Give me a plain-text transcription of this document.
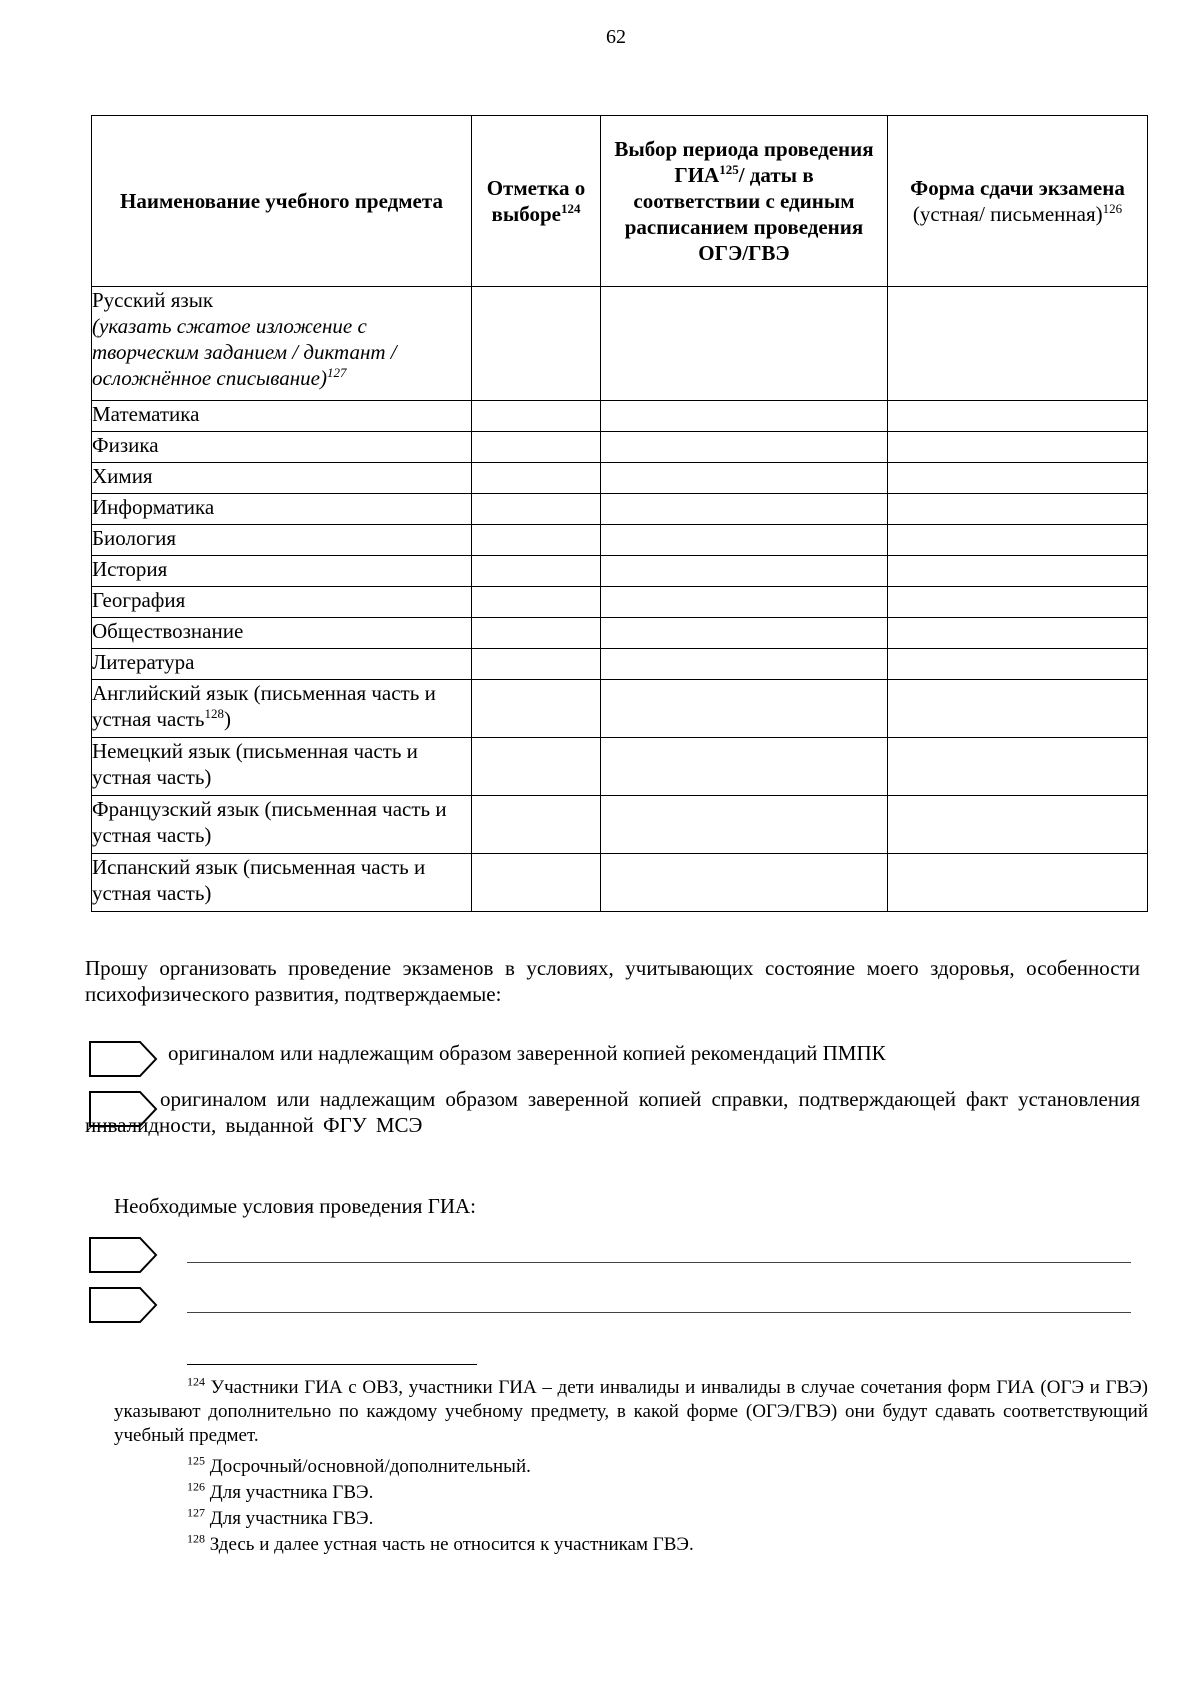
62
Наименование учебного предмета	Отметка о выборе$^{124}$	Выбор периода проведения ГИА$^{125}$/ даты в соответствии с единым расписанием проведения ОГЭ/ГВЭ	Форма сдачи экзамена (устная/ письменная)$^{126}$
Русский язык
(указать сжатое изложение с творческим заданием / диктант / осложнённое списывание)$^{127}$			
Математика			
Физика			
Химия			
Информатика			
Биология			
История			
География			
Обществознание			
Литература			
Английский язык (письменная часть и устная часть$^{128}$)			
Немецкий язык (письменная часть и устная часть)			
Французский язык (письменная часть и устная часть)			
Испанский язык (письменная часть и устная часть)			
Прошу организовать проведение экзаменов в условиях, учитывающих состояние моего здоровья, особенности психофизического развития, подтверждаемые:
оригиналом или надлежащим образом заверенной копией рекомендаций ПМПК
оригиналом или надлежащим образом заверенной копией справки, подтверждающей факт установления инвалидности, выданной ФГУ МСЭ
Необходимые условия проведения ГИА:
$^{124}$ Участники ГИА с ОВЗ, участники ГИА – дети инвалиды и инвалиды в случае сочетания форм ГИА (ОГЭ и ГВЭ) указывают дополнительно по каждому учебному предмету, в какой форме (ОГЭ/ГВЭ) они будут сдавать соответствующий учебный предмет.
$^{125}$ Досрочный/основной/дополнительный.
$^{126}$ Для участника ГВЭ.
$^{127}$ Для участника ГВЭ.
$^{128}$ Здесь и далее устная часть не относится к участникам ГВЭ.
